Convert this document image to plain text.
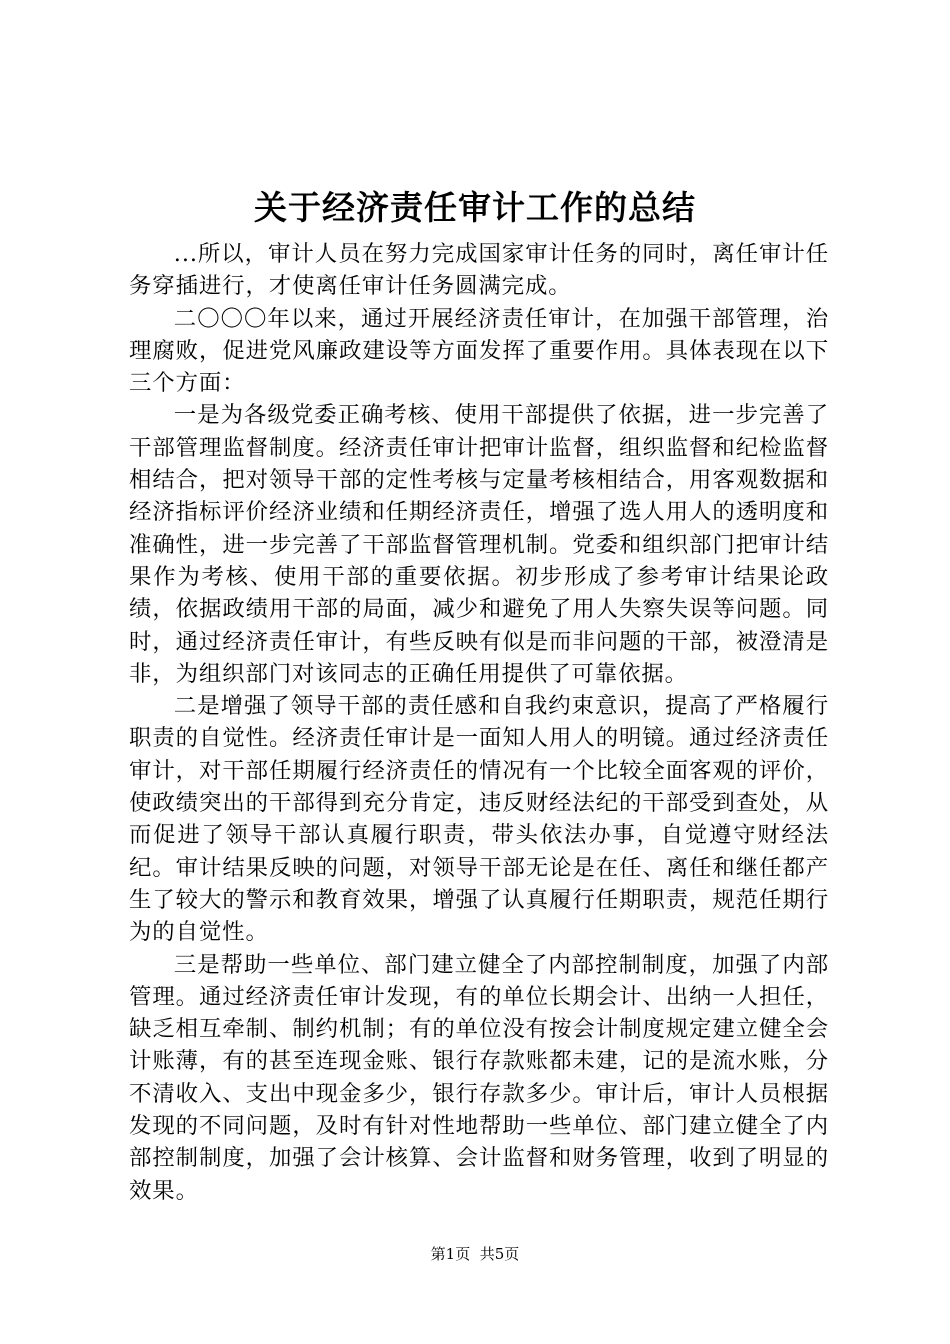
关于经济责任审计工作的总结

...所以，审计人员在努力完成国家审计任务的同时，离任审计任务穿插进行，才使离任审计任务圆满完成。

二〇〇〇年以来，通过开展经济责任审计，在加强干部管理，治理腐败，促进党风廉政建设等方面发挥了重要作用。具体表现在以下三个方面：

一是为各级党委正确考核、使用干部提供了依据，进一步完善了干部管理监督制度。经济责任审计把审计监督，组织监督和纪检监督相结合，把对领导干部的定性考核与定量考核相结合，用客观数据和经济指标评价经济业绩和任期经济责任，增强了选人用人的透明度和准确性，进一步完善了干部监督管理机制。党委和组织部门把审计结果作为考核、使用干部的重要依据。初步形成了参考审计结果论政绩，依据政绩用干部的局面，减少和避免了用人失察失误等问题。同时，通过经济责任审计，有些反映有似是而非问题的干部，被澄清是非，为组织部门对该同志的正确任用提供了可靠依据。

二是增强了领导干部的责任感和自我约束意识，提高了严格履行职责的自觉性。经济责任审计是一面知人用人的明镜。通过经济责任审计，对干部任期履行经济责任的情况有一个比较全面客观的评价，使政绩突出的干部得到充分肯定，违反财经法纪的干部受到查处，从而促进了领导干部认真履行职责，带头依法办事，自觉遵守财经法纪。审计结果反映的问题，对领导干部无论是在任、离任和继任都产生了较大的警示和教育效果，增强了认真履行任期职责，规范任期行为的自觉性。

三是帮助一些单位、部门建立健全了内部控制制度，加强了内部管理。通过经济责任审计发现，有的单位长期会计、出纳一人担任，缺乏相互牵制、制约机制；有的单位没有按会计制度规定建立健全会计账薄，有的甚至连现金账、银行存款账都未建，记的是流水账，分不清收入、支出中现金多少，银行存款多少。审计后，审计人员根据发现的不同问题，及时有针对性地帮助一些单位、部门建立健全了内部控制制度，加强了会计核算、会计监督和财务管理，收到了明显的效果。

第1页 共5页
